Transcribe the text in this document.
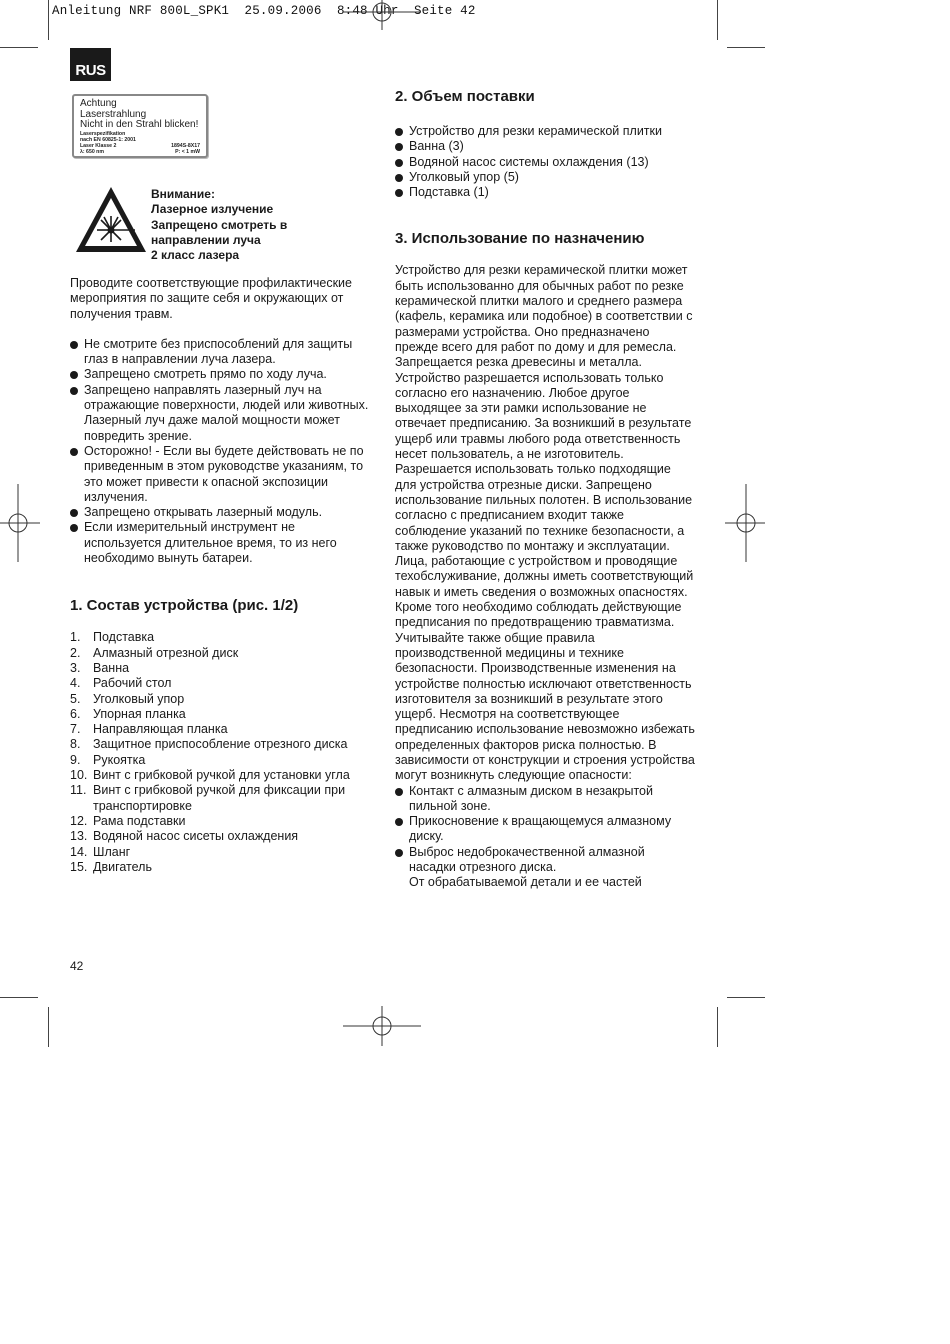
Anleitung NRF 800L_SPK1  25.09.2006  8:48 Uhr  Seite 42
RUS
Achtung
Laserstrahlung
Nicht in den Strahl blicken!
Laserspezifikation
nach EN 60825-1: 2001
Laser Klasse 2	1894S-8X17
λ: 650 nm	P: < 1 mW
Внимание:
Лазерное излучение
Запрещено смотреть в
направлении луча
2 класс лазера

Проводите соответствующие профилактические мероприятия по защите себя и окружающих от получения травм.

Не смотрите без приспособлений для защиты глаз в направлении луча лазера.
Запрещено смотреть прямо по ходу луча.
Запрещено направлять лазерный луч на отражающие поверхности, людей или животных. Лазерный луч даже малой мощности может повредить зрение.
Осторожно! - Если вы будете действовать не по приведенным в этом руководстве указаниям, то это может привести к опасной экспозиции излучения.
Запрещено открывать лазерный модуль.
Если измерительный инструмент не используется длительное время, то из него необходимо вынуть батареи.
1. Состав устройства (рис. 1/2)
1. Подставка
2. Алмазный отрезной диск
3. Ванна
4. Рабочий стол
5. Уголковый упор
6. Упорная планка
7. Направляющая планка
8. Защитное приспособление отрезного диска
9. Рукоятка
10. Винт с грибковой ручкой для установки угла
11. Винт с грибковой ручкой для фиксации при транспортировке
12. Рама подставки
13. Водяной насос сисеты охлаждения
14. Шланг
15. Двигатель
2. Объем поставки
Устройство для резки керамической плитки
Ванна (3)
Водяной насос системы охлаждения (13)
Уголковый упор (5)
Подставка (1)
3. Использование по назначению

Устройство для резки керамической плитки может быть использованно для обычных работ по резке керамической плитки малого и среднего размера (кафель, керамика или подобное) в соответствии с размерами устройства. Оно предназначено прежде всего для работ по дому и для ремесла. Запрещается резка древесины и металла. Устройство разрешается использовать только согласно его назначению. Любое другое выходящее за эти рамки использование не отвечает предписанию. За возникший в результате ущерб или травмы любого рода ответственность несет пользователь, а не изготовитель. Разрешается использовать только подходящие для устройства отрезные диски. Запрещено использование пильных полотен. В использование согласно с предписанием входит также соблюдение указаний по технике безопасности, а также руководство по монтажу и эксплуатации. Лица, работающие с устройством и проводящие техобслуживание, должны иметь соответствующий навык и иметь сведения о возможных опасностях. Кроме того необходимо соблюдать действующие предписания по предотвращению травматизма. Учитывайте также общие правила производственной медицины и технике безопасности. Производственные изменения на устройстве полностью исключают ответственность изготовителя за возникший в результате этого ущерб. Несмотря на соответствующее предписанию использование невозможно избежать определенных факторов риска полностью. В зависимости от конструкции и строения устройства могут возникнуть следующие опасности:

Контакт с алмазным диском в незакрытой пильной зоне.
Прикосновение к вращающемуся алмазному диску.
Выброс недоброкачественной алмазной насадки отрезного диска.

От обрабатываемой детали и ее частей

42
